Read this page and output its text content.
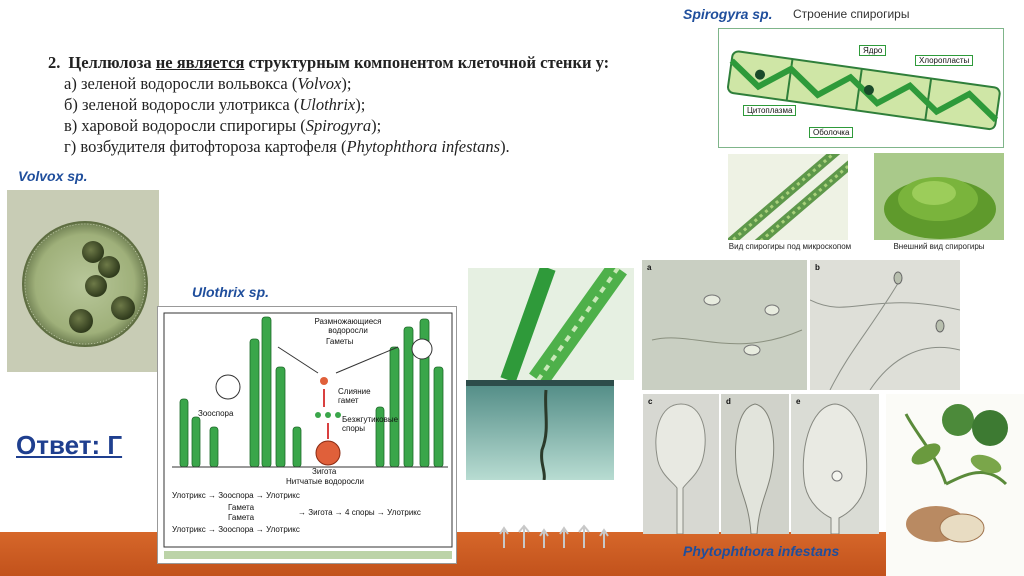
2. Целлюлоза не является структурным компонентом клеточной стенки у:
а) зеленой водоросли вольвокса (Volvox);
б) зеленой водоросли улотрикса (Ulothrix);
в) харовой водоросли спирогиры (Spirogyra);
г) возбудителя фитофтороза картофеля (Phytophthora infestans).
Volvox sp.
Ulothrix sp.
Spirogyra sp.
Phytophthora infestans
Ответ: Г
Размножающиеся водоросли
Гаметы
Слияние гамет
Зооспора
Безжгутиковые споры
Зигота
Нитчатые водоросли
Улотрикс → Зооспора → Улотрикс
Гамета
Гамета
→ Зигота → 4 споры → Улотрикс
Улотрикс → Зооспора → Улотрикс
Строение спирогиры
Ядро
Хлоропласты
Цитоплазма
Оболочка
Вид спирогиры под микроскопом	Внешний вид спирогиры
a	b
c	d	e
